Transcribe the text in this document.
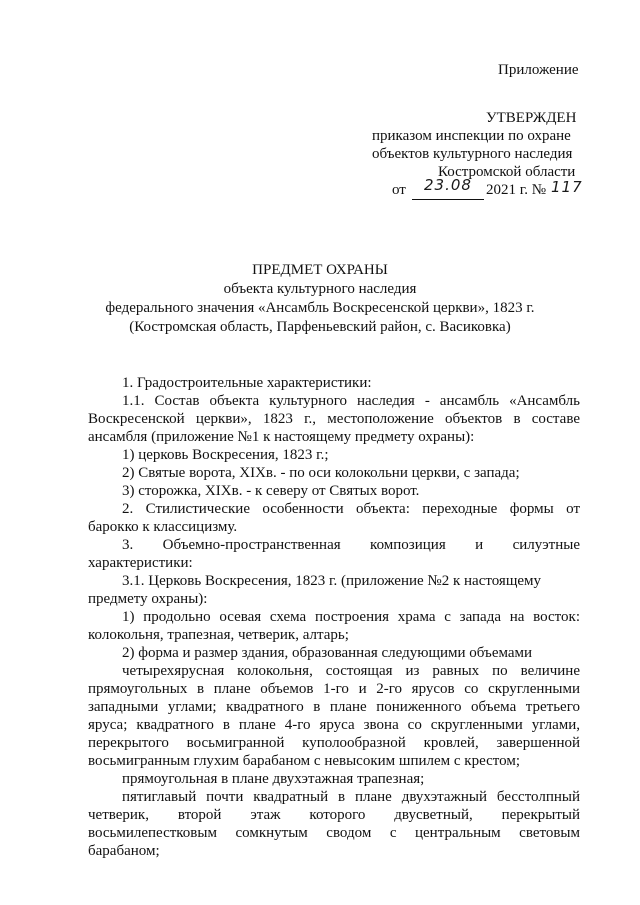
Приложение
УТВЕРЖДЕН
приказом инспекции по охране
объектов культурного наследия
Костромской области
от 23.08 2021 г. № 117
ПРЕДМЕТ ОХРАНЫ
объекта культурного наследия
федерального значения «Ансамбль Воскресенской церкви», 1823 г.
(Костромская область, Парфеньевский район, с. Васиковка)
1. Градостроительные характеристики:
1.1. Состав объекта культурного наследия - ансамбль «Ансамбль
Воскресенской церкви», 1823 г., местоположение объектов в составе
ансамбля (приложение №1 к настоящему предмету охраны):
1) церковь Воскресения, 1823 г.;
2) Святые ворота, XIXв. - по оси колокольни церкви, с запада;
3) сторожка, XIXв. - к северу от Святых ворот.
2. Стилистические особенности объекта: переходные формы от
барокко к классицизму.
3. Объемно-пространственная композиция и силуэтные
характеристики:
3.1. Церковь Воскресения, 1823 г. (приложение №2 к настоящему
предмету охраны):
1) продольно осевая схема построения храма с запада на восток:
колокольня, трапезная, четверик, алтарь;
2) форма и размер здания, образованная следующими объемами
четырехярусная колокольня, состоящая из равных по величине
прямоугольных в плане объемов 1-го и 2-го ярусов со скругленными
западными углами; квадратного в плане пониженного объема третьего
яруса; квадратного в плане 4-го яруса звона со скругленными углами,
перекрытого восьмигранной куполообразной кровлей, завершенной
восьмигранным глухим барабаном с невысоким шпилем с крестом;
прямоугольная в плане двухэтажная трапезная;
пятиглавый почти квадратный в плане двухэтажный бесстолпный
четверик, второй этаж которого двусветный, перекрытый
восьмилепестковым сомкнутым сводом с центральным световым
барабаном;
